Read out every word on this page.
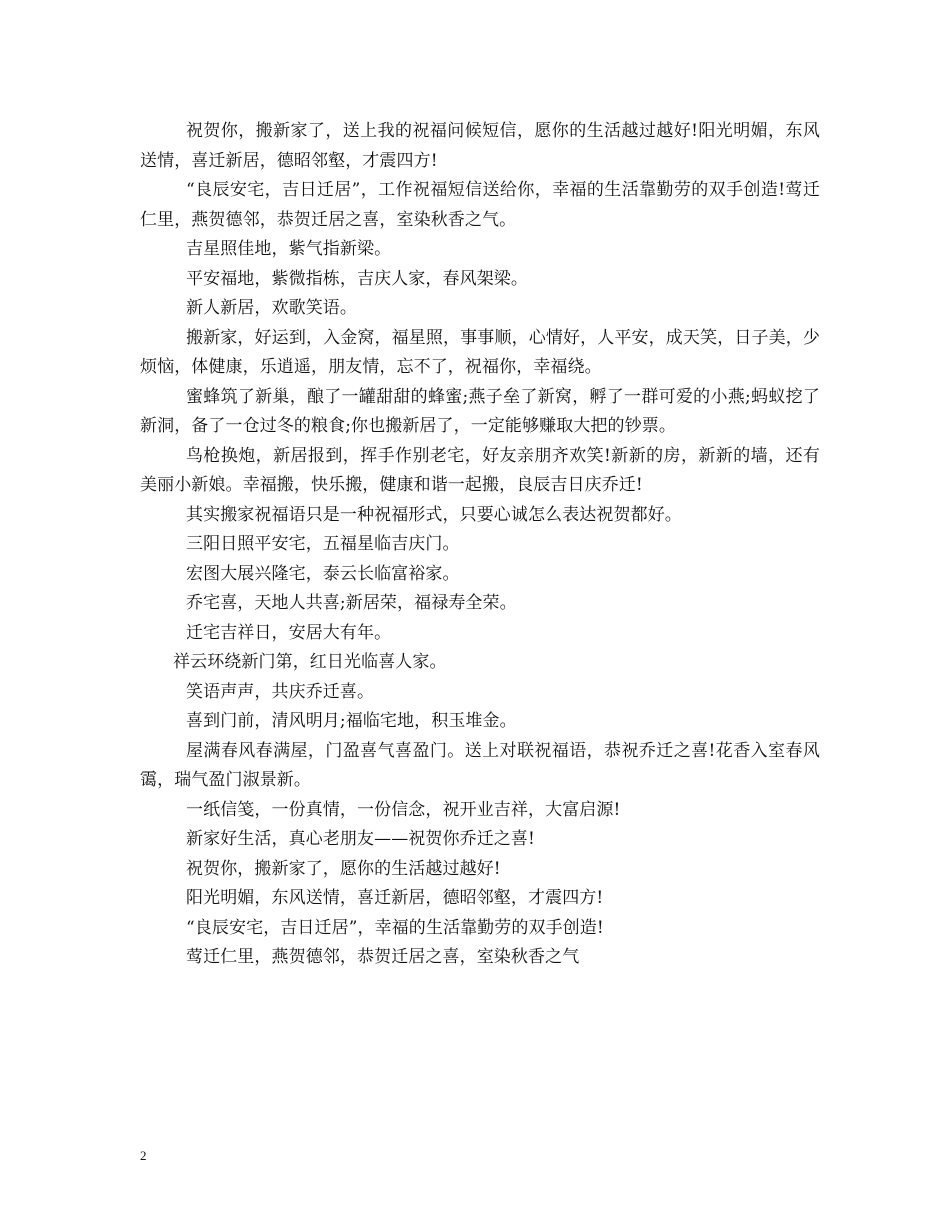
祝贺你，搬新家了，送上我的祝福问候短信，愿你的生活越过越好!阳光明媚，东风送情，喜迁新居，德昭邻壑，才震四方!

“良辰安宅，吉日迁居”，工作祝福短信送给你，幸福的生活靠勤劳的双手创造!莺迁仁里，燕贺德邻，恭贺迁居之喜，室染秋香之气。

吉星照佳地，紫气指新梁。

平安福地，紫微指栋，吉庆人家，春风架梁。

新人新居，欢歌笑语。

搬新家，好运到，入金窝，福星照，事事顺，心情好，人平安，成天笑，日子美，少烦恼，体健康，乐逍遥，朋友情，忘不了，祝福你，幸福绕。

蜜蜂筑了新巢，酿了一罐甜甜的蜂蜜;燕子垒了新窝，孵了一群可爱的小燕;蚂蚁挖了新洞，备了一仓过冬的粮食;你也搬新居了，一定能够赚取大把的钞票。

鸟枪换炮，新居报到，挥手作别老宅，好友亲朋齐欢笑!新新的房，新新的墙，还有美丽小新娘。幸福搬，快乐搬，健康和谐一起搬，良辰吉日庆乔迁!

其实搬家祝福语只是一种祝福形式，只要心诚怎么表达祝贺都好。

三阳日照平安宅，五福星临吉庆门。

宏图大展兴隆宅，泰云长临富裕家。

乔宅喜，天地人共喜;新居荣，福禄寿全荣。

迁宅吉祥日，安居大有年。

祥云环绕新门第，红日光临喜人家。

笑语声声，共庆乔迁喜。

喜到门前，清风明月;福临宅地，积玉堆金。

屋满春风春满屋，门盈喜气喜盈门。送上对联祝福语，恭祝乔迁之喜!花香入室春风霭，瑞气盈门淑景新。

一纸信笺，一份真情，一份信念，祝开业吉祥，大富启源!

新家好生活，真心老朋友——祝贺你乔迁之喜!

祝贺你，搬新家了，愿你的生活越过越好!

阳光明媚，东风送情，喜迁新居，德昭邻壑，才震四方!

“良辰安宅，吉日迁居”，幸福的生活靠勤劳的双手创造!

莺迁仁里，燕贺德邻，恭贺迁居之喜，室染秋香之气

2
